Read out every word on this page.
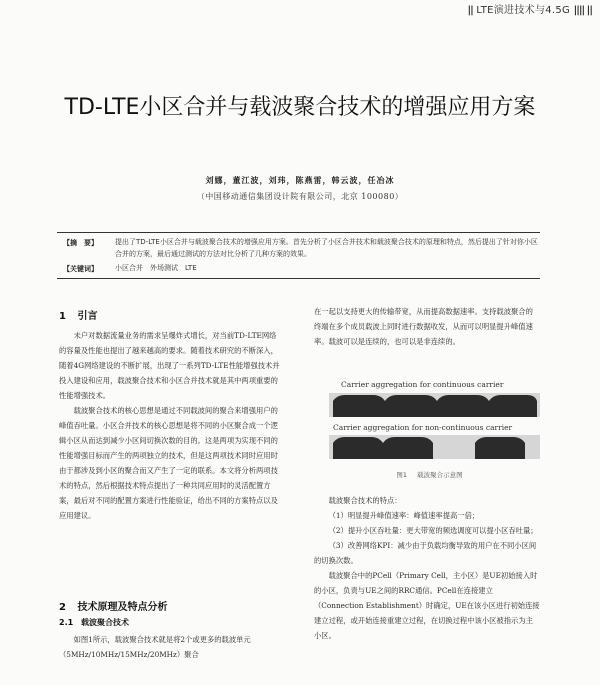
|| LTE演进技术与4.5G |||| ||
TD-LTE小区合并与载波聚合技术的增强应用方案
刘娜，董江波，刘玮，陈燕雷，韩云波，任冶冰
（中国移动通信集团设计院有限公司，北京 100080）
【摘　要】 提出了TD-LTE小区合并与载波聚合技术的增强应用方案。首先分析了小区合并技术和载波聚合技术的原理和特点，然后提出了针对你小区合并的方案，最后通过测试的方法对比分析了几种方案的效果。
【关键词】 小区合并　外场测试　LTE
1 引言

未户对数据流量业务的需求呈爆炸式增长，对当前TD-LTE网络的容量及性能也提出了越来越高的要求。随着技术研究的不断深入，随着4G网络建设的不断扩展，出现了一系列TD-LTE性能增强技术并投入建设和应用，载波聚合技术和小区合并技术就是其中两项重要的性能增强技术。

载波聚合技术的核心思想是通过不同载波间的聚合来增强用户的峰值吞吐量。小区合并技术的核心思想是将不同的小区聚合成一个逻辑小区从而达到减少小区间切换次数的目的。这是两项为实现不同的性能增强目标而产生的两项独立的技术，但是这两项技术同时应用时由于都涉及到小区的聚合而又产生了一定的联系。本文将分析两项技术的特点，然后根据技术特点提出了一种共同应用时的灵活配置方案，最后对不同的配置方案进行性能验证，给出不同的方案特点以及应用建议。

2 技术原理及特点分析
2.1 载波聚合技术

如图1所示，载波聚合技术就是将2个或更多的载波单元（5MHz/10MHz/15MHz/20MHz）聚合

在一起以支持更大的传输带宽，从而提高数据速率。支持载波聚合的终端在多个成员载波上同时进行数据收发，从而可以明显提升峰值速率。载波可以是连续的，也可以是非连续的。

Carrier aggregation for continuous carrier
Carrier aggregation for non-continuous carrier
图1 载波聚合示意图

载波聚合技术的特点：

（1）明显提升峰值速率：峰值速率提高一倍；

（2）提升小区吞吐量：更大带宽的频选调度可以提小区吞吐量；

（3）改善网络KPI：减少由于负载均衡导致的用户在不同小区间的切换次数。

载波聚合中的PCell（Primary Cell，主小区）是UE初始接入时的小区，负责与UE之间的RRC通信。PCell在连接建立（Connection Establishment）时确定，UE在该小区进行初始连接建立过程，或开始连接重建立过程，在切换过程中该小区被指示为主小区。
